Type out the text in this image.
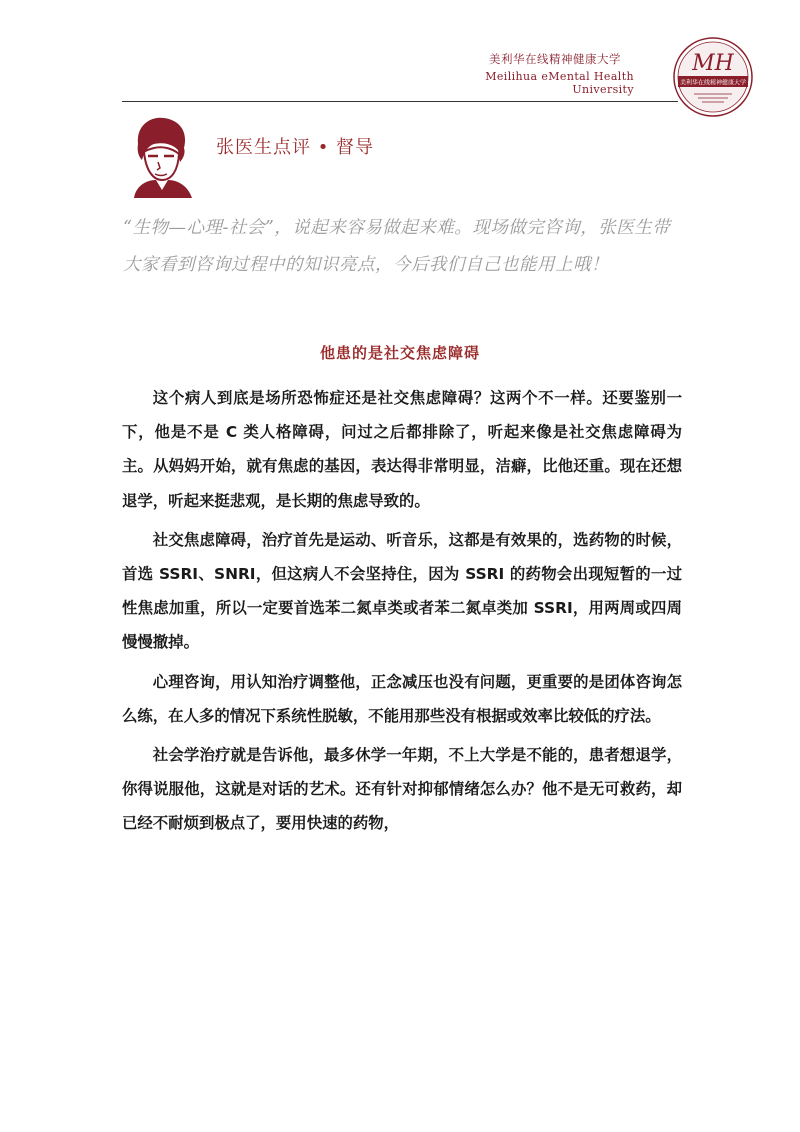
美利华在线精神健康大学
Meilihua eMental Health University
MH
美利华在线精神健康大学
张医生点评 • 督导
“生物—心理-社会”，说起来容易做起来难。现场做完咨询，张医生带大家看到咨询过程中的知识亮点，今后我们自己也能用上哦！
他患的是社交焦虑障碍

这个病人到底是场所恐怖症还是社交焦虑障碍？这两个不一样。还要鉴别一下，他是不是 C 类人格障碍，问过之后都排除了，听起来像是社交焦虑障碍为主。从妈妈开始，就有焦虑的基因，表达得非常明显，洁癖，比他还重。现在还想退学，听起来挺悲观，是长期的焦虑导致的。

社交焦虑障碍，治疗首先是运动、听音乐，这都是有效果的，选药物的时候，首选 SSRI、SNRI，但这病人不会坚持住，因为 SSRI 的药物会出现短暂的一过性焦虑加重，所以一定要首选苯二氮卓类或者苯二氮卓类加 SSRI，用两周或四周慢慢撤掉。

心理咨询，用认知治疗调整他，正念减压也没有问题，更重要的是团体咨询怎么练，在人多的情况下系统性脱敏，不能用那些没有根据或效率比较低的疗法。

社会学治疗就是告诉他，最多休学一年期，不上大学是不能的，患者想退学，你得说服他，这就是对话的艺术。还有针对抑郁情绪怎么办？他不是无可救药，却已经不耐烦到极点了，要用快速的药物，
